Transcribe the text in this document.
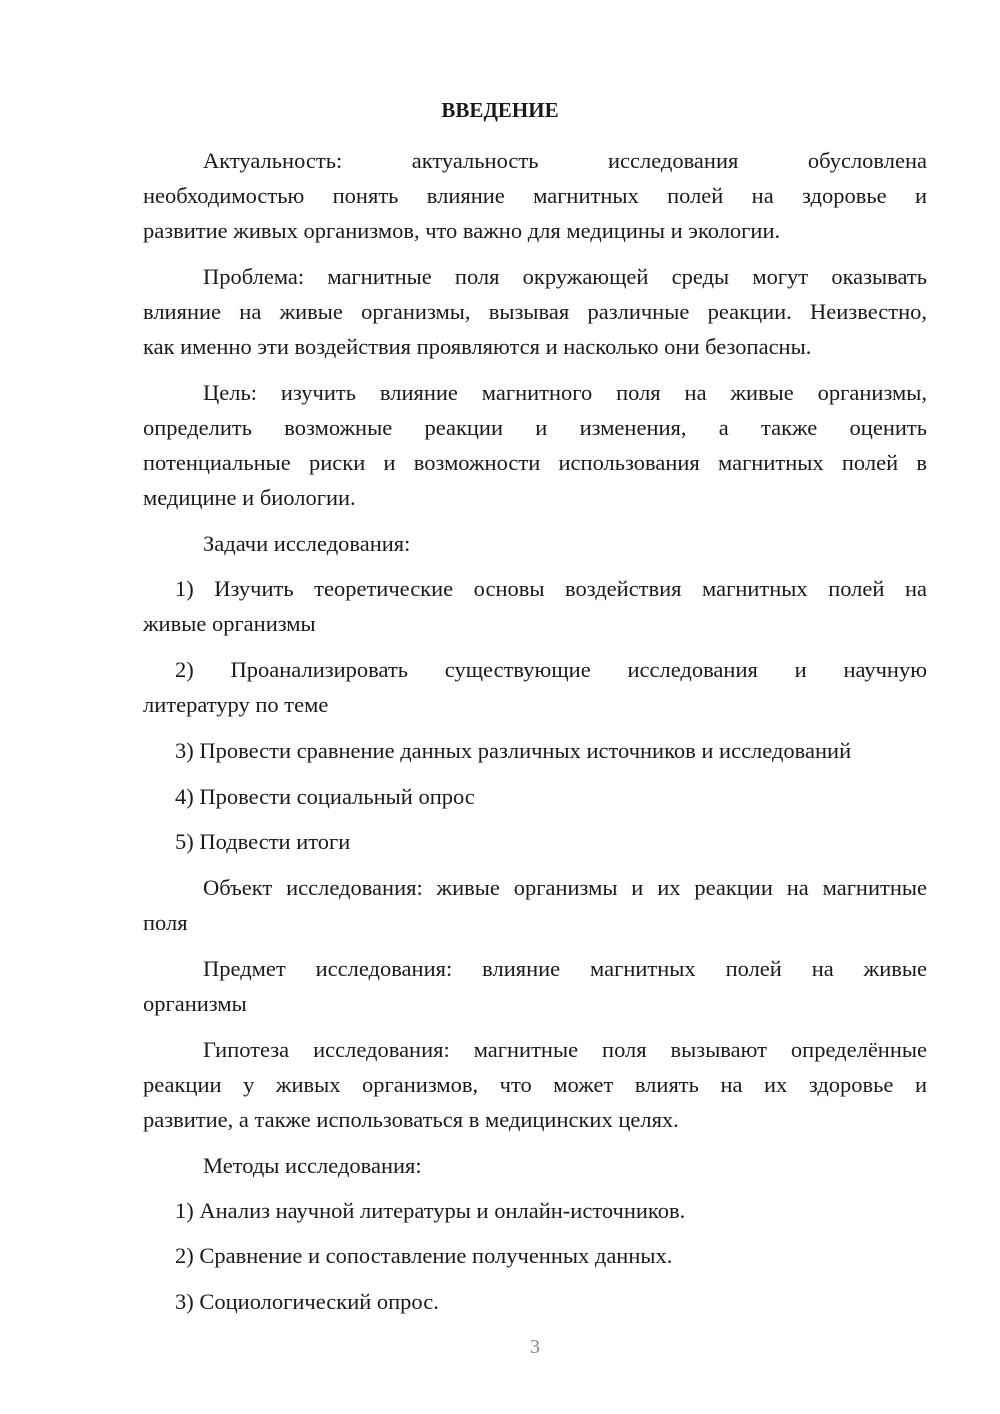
ВВЕДЕНИЕ
Актуальность: актуальность исследования обусловлена
необходимостью понять влияние магнитных полей на здоровье и
развитие живых организмов, что важно для медицины и экологии.
Проблема: магнитные поля окружающей среды могут оказывать
влияние на живые организмы, вызывая различные реакции. Неизвестно,
как именно эти воздействия проявляются и насколько они безопасны.
Цель: изучить влияние магнитного поля на живые организмы,
определить возможные реакции и изменения, а также оценить
потенциальные риски и возможности использования магнитных полей в
медицине и биологии.
Задачи исследования:
1) Изучить теоретические основы воздействия магнитных полей на
живые организмы
2) Проанализировать существующие исследования и научную
литературу по теме
3) Провести сравнение данных различных источников и исследований
4) Провести социальный опрос
5) Подвести итоги
Объект исследования: живые организмы и их реакции на магнитные
поля
Предмет исследования: влияние магнитных полей на живые
организмы
Гипотеза исследования: магнитные поля вызывают определённые
реакции у живых организмов, что может влиять на их здоровье и
развитие, а также использоваться в медицинских целях.
Методы исследования:
1) Анализ научной литературы и онлайн-источников.
2) Сравнение и сопоставление полученных данных.
3) Социологический опрос.
3
